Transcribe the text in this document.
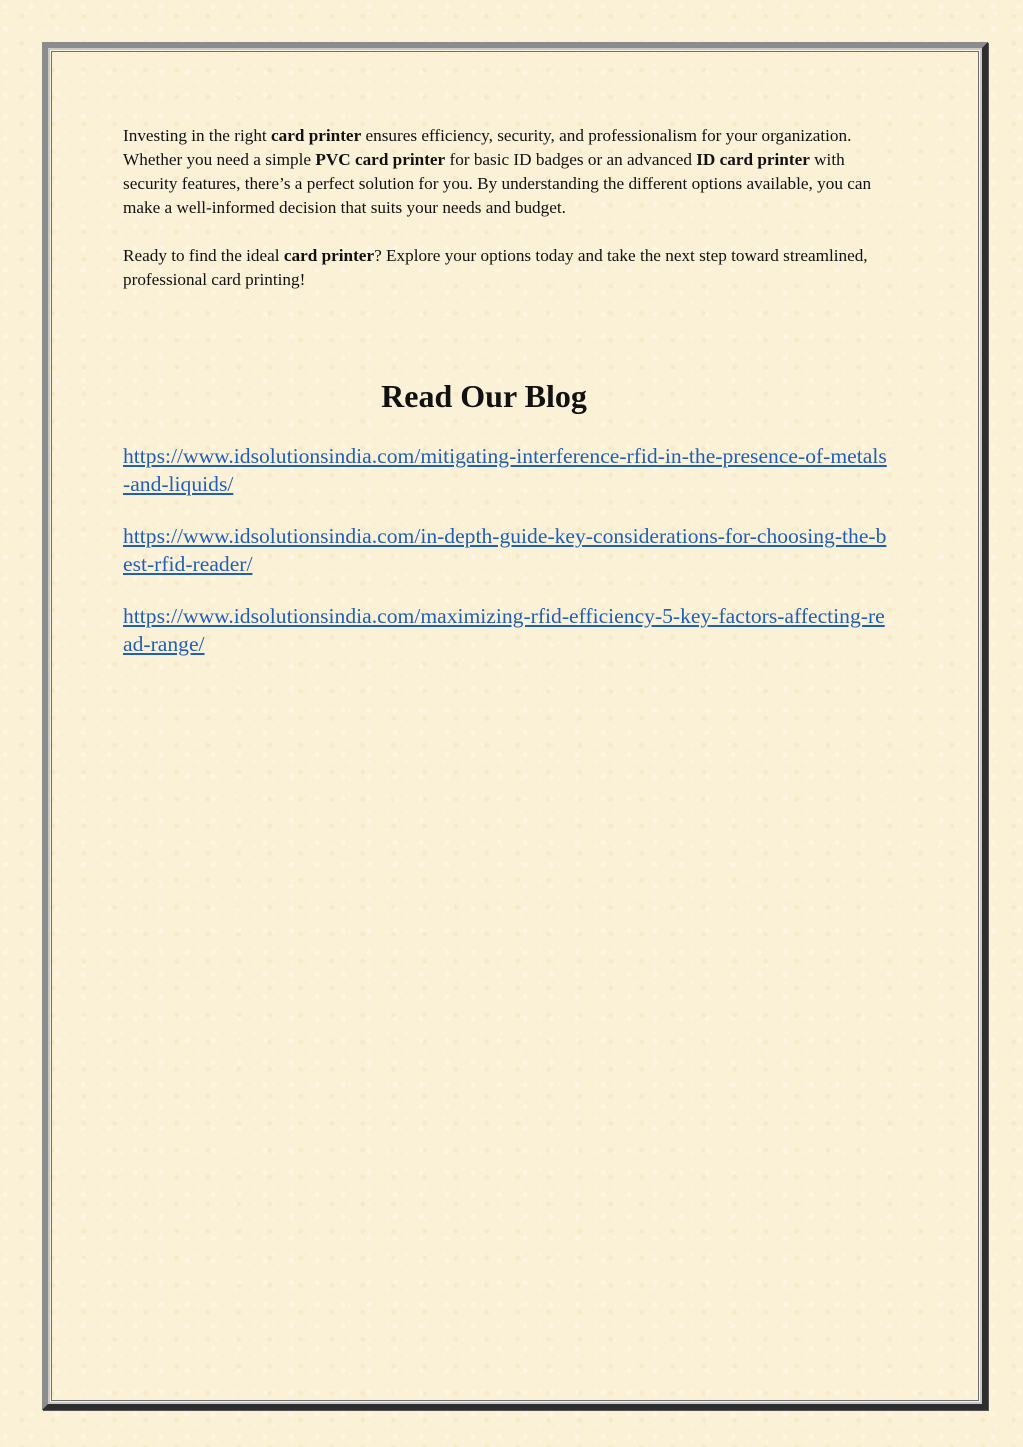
Investing in the right card printer ensures efficiency, security, and professionalism for your organization. Whether you need a simple PVC card printer for basic ID badges or an advanced ID card printer with security features, there’s a perfect solution for you. By understanding the different options available, you can make a well-informed decision that suits your needs and budget.

Ready to find the ideal card printer? Explore your options today and take the next step toward streamlined, professional card printing!

Read Our Blog
https://www.idsolutionsindia.com/mitigating-interference-rfid-in-the-presence-of-metals-and-liquids/
https://www.idsolutionsindia.com/in-depth-guide-key-considerations-for-choosing-the-best-rfid-reader/
https://www.idsolutionsindia.com/maximizing-rfid-efficiency-5-key-factors-affecting-read-range/
